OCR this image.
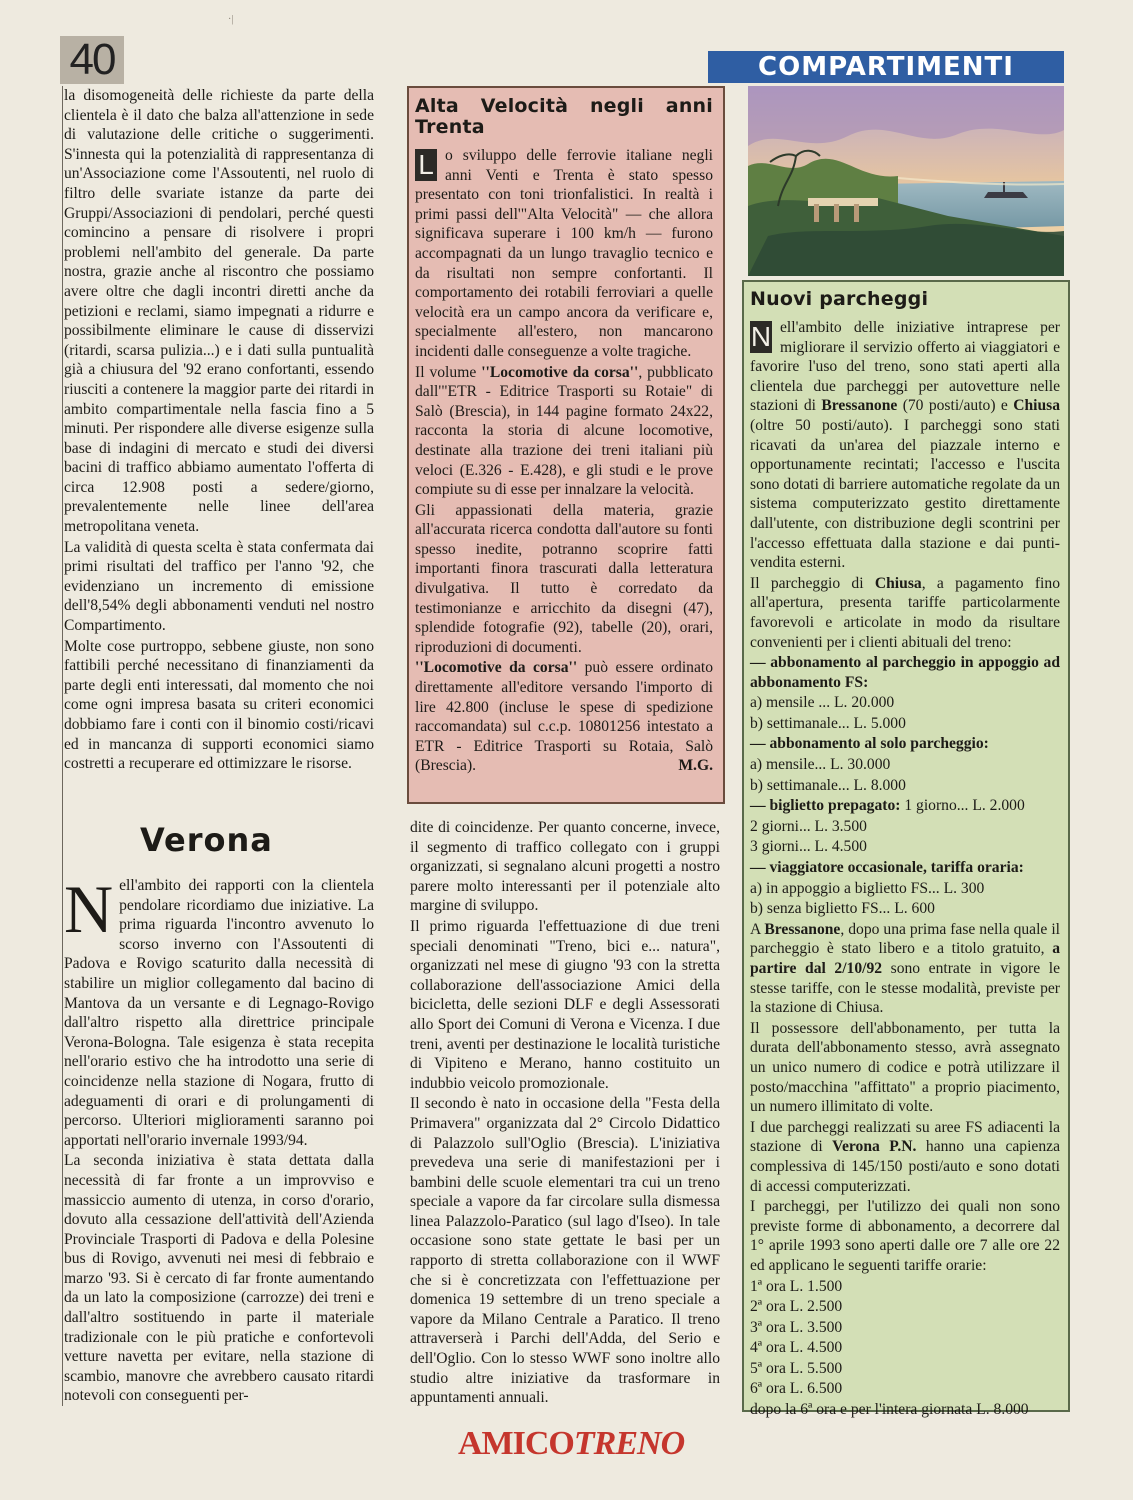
·|
40	COMPARTIMENTI

la disomogeneità delle richieste da parte della clientela è il dato che balza all'attenzione in sede di valutazione delle critiche o suggerimenti. S'innesta qui la potenzialità di rappresentanza di un'Associazione come l'Assoutenti, nel ruolo di filtro delle svariate istanze da parte dei Gruppi/Associazioni di pendolari, perché questi comincino a pensare di risolvere i propri problemi nell'ambito del generale. Da parte nostra, grazie anche al riscontro che possiamo avere oltre che dagli incontri diretti anche da petizioni e reclami, siamo impegnati a ridurre e possibilmente eliminare le cause di disservizi (ritardi, scarsa pulizia...) e i dati sulla puntualità già a chiusura del '92 erano confortanti, essendo riusciti a contenere la maggior parte dei ritardi in ambito compartimentale nella fascia fino a 5 minuti. Per rispondere alle diverse esigenze sulla base di indagini di mercato e studi dei diversi bacini di traffico abbiamo aumentato l'offerta di circa 12.908 posti a sedere/giorno, prevalentemente nelle linee dell'area metropolitana veneta.

La validità di questa scelta è stata confermata dai primi risultati del traffico per l'anno '92, che evidenziano un incremento di emissione dell'8,54% degli abbonamenti venduti nel nostro Compartimento.

Molte cose purtroppo, sebbene giuste, non sono fattibili perché necessitano di finanziamenti da parte degli enti interessati, dal momento che noi come ogni impresa basata su criteri economici dobbiamo fare i conti con il binomio costi/ricavi ed in mancanza di supporti economici siamo costretti a recuperare ed ottimizzare le risorse.

Verona

Nell'ambito dei rapporti con la clientela pendolare ricordiamo due iniziative. La prima riguarda l'incontro avvenuto lo scorso inverno con l'Assoutenti di Padova e Rovigo scaturito dalla necessità di stabilire un miglior collegamento dal bacino di Mantova da un versante e di Legnago-Rovigo dall'altro rispetto alla direttrice principale Verona-Bologna. Tale esigenza è stata recepita nell'orario estivo che ha introdotto una serie di coincidenze nella stazione di Nogara, frutto di adeguamenti di orari e di prolungamenti di percorso. Ulteriori miglioramenti saranno poi apportati nell'orario invernale 1993/94.

La seconda iniziativa è stata dettata dalla necessità di far fronte a un improvviso e massiccio aumento di utenza, in corso d'orario, dovuto alla cessazione dell'attività dell'Azienda Provinciale Trasporti di Padova e della Polesine bus di Rovigo, avvenuti nei mesi di febbraio e marzo '93. Si è cercato di far fronte aumentando da un lato la composizione (carrozze) dei treni e dall'altro sostituendo in parte il materiale tradizionale con le più pratiche e confortevoli vetture navetta per evitare, nella stazione di scambio, manovre che avrebbero causato ritardi notevoli con conseguenti per-

Alta Velocità negli anni Trenta

L o sviluppo delle ferrovie italiane negli anni Venti e Trenta è stato spesso presentato con toni trionfalistici. In realtà i primi passi dell'"Alta Velocità" — che allora significava superare i 100 km/h — furono accompagnati da un lungo travaglio tecnico e da risultati non sempre confortanti. Il comportamento dei rotabili ferroviari a quelle velocità era un campo ancora da verificare e, specialmente all'estero, non mancarono incidenti dalle conseguenze a volte tragiche.

Il volume ''Locomotive da corsa'', pubblicato dall'"ETR - Editrice Trasporti su Rotaie" di Salò (Brescia), in 144 pagine formato 24x22, racconta la storia di alcune locomotive, destinate alla trazione dei treni italiani più veloci (E.326 - E.428), e gli studi e le prove compiute su di esse per innalzare la velocità.

Gli appassionati della materia, grazie all'accurata ricerca condotta dall'autore su fonti spesso inedite, potranno scoprire fatti importanti finora trascurati dalla letteratura divulgativa. Il tutto è corredato da testimonianze e arricchito da disegni (47), splendide fotografie (92), tabelle (20), orari, riproduzioni di documenti.

''Locomotive da corsa'' può essere ordinato direttamente all'editore versando l'importo di lire 42.800 (incluse le spese di spedizione raccomandata) sul c.c.p. 10801256 intestato a ETR - Editrice Trasporti su Rotaia, Salò (Brescia).	M.G.

dite di coincidenze. Per quanto concerne, invece, il segmento di traffico collegato con i gruppi organizzati, si segnalano alcuni progetti a nostro parere molto interessanti per il potenziale alto margine di sviluppo.

Il primo riguarda l'effettuazione di due treni speciali denominati "Treno, bici e... natura", organizzati nel mese di giugno '93 con la stretta collaborazione dell'associazione Amici della bicicletta, delle sezioni DLF e degli Assessorati allo Sport dei Comuni di Verona e Vicenza. I due treni, aventi per destinazione le località turistiche di Vipiteno e Merano, hanno costituito un indubbio veicolo promozionale.

Il secondo è nato in occasione della "Festa della Primavera" organizzata dal 2° Circolo Didattico di Palazzolo sull'Oglio (Brescia). L'iniziativa prevedeva una serie di manifestazioni per i bambini delle scuole elementari tra cui un treno speciale a vapore da far circolare sulla dismessa linea Palazzolo-Paratico (sul lago d'Iseo). In tale occasione sono state gettate le basi per un rapporto di stretta collaborazione con il WWF che si è concretizzata con l'effettuazione per domenica 19 settembre di un treno speciale a vapore da Milano Centrale a Paratico. Il treno attraverserà i Parchi dell'Adda, del Serio e dell'Oglio. Con lo stesso WWF sono inoltre allo studio altre iniziative da trasformare in appuntamenti annuali.

Nuovi parcheggi

N ell'ambito delle iniziative intraprese per migliorare il servizio offerto ai viaggiatori e favorire l'uso del treno, sono stati aperti alla clientela due parcheggi per autovetture nelle stazioni di Bressanone (70 posti/auto) e Chiusa (oltre 50 posti/auto). I parcheggi sono stati ricavati da un'area del piazzale interno e opportunamente recintati; l'accesso e l'uscita sono dotati di barriere automatiche regolate da un sistema computerizzato gestito direttamente dall'utente, con distribuzione degli scontrini per l'accesso effettuata dalla stazione e dai punti-vendita esterni.

Il parcheggio di Chiusa, a pagamento fino all'apertura, presenta tariffe particolarmente favorevoli e articolate in modo da risultare convenienti per i clienti abituali del treno:

— abbonamento al parcheggio in appoggio ad abbonamento FS:

a) mensile ... L. 20.000

b) settimanale... L. 5.000

— abbonamento al solo parcheggio:

a) mensile... L. 30.000

b) settimanale... L. 8.000

— biglietto prepagato: 1 giorno... L. 2.000

2 giorni... L. 3.500

3 giorni... L. 4.500

— viaggiatore occasionale, tariffa oraria:

a) in appoggio a biglietto FS... L. 300

b) senza biglietto FS... L. 600

A Bressanone, dopo una prima fase nella quale il parcheggio è stato libero e a titolo gratuito, a partire dal 2/10/92 sono entrate in vigore le stesse tariffe, con le stesse modalità, previste per la stazione di Chiusa.

Il possessore dell'abbonamento, per tutta la durata dell'abbonamento stesso, avrà assegnato un unico numero di codice e potrà utilizzare il posto/macchina "affittato" a proprio piacimento, un numero illimitato di volte.

I due parcheggi realizzati su aree FS adiacenti la stazione di Verona P.N. hanno una capienza complessiva di 145/150 posti/auto e sono dotati di accessi computerizzati.

I parcheggi, per l'utilizzo dei quali non sono previste forme di abbonamento, a decorrere dal 1° aprile 1993 sono aperti dalle ore 7 alle ore 22 ed applicano le seguenti tariffe orarie:

1ª ora L. 1.500

2ª ora L. 2.500

3ª ora L. 3.500

4ª ora L. 4.500

5ª ora L. 5.500

6ª ora L. 6.500

dopo la 6ª ora e per l'intera giornata L. 8.000

AMICOTRENO
